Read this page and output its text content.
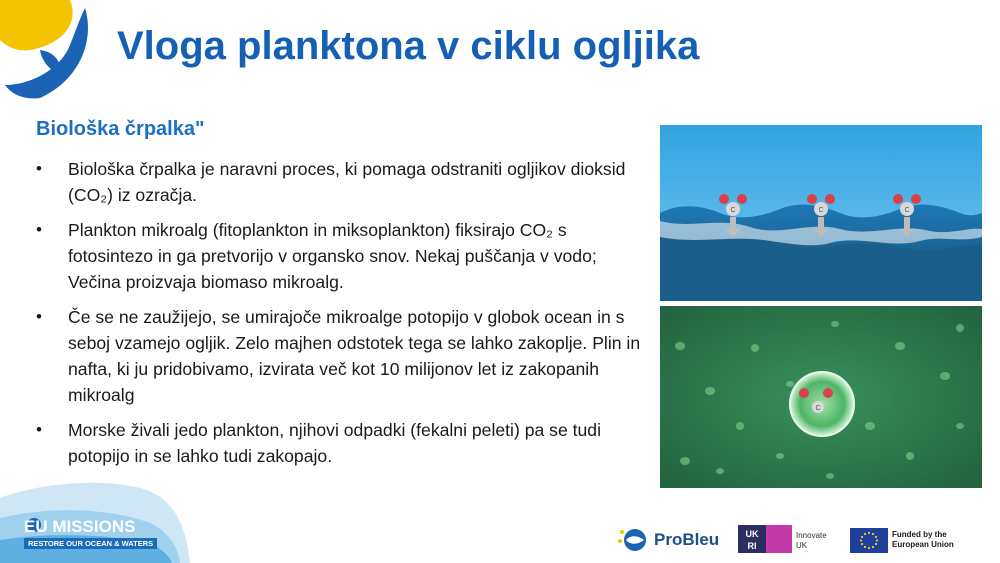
Vloga planktona v ciklu ogljika
Biološka črpalka"
• Biološka črpalka je naravni proces, ki pomaga odstraniti ogljikov dioksid (CO₂) iz ozračja.
• Plankton mikroalg (fitoplankton in miksoplankton) fiksirajo CO₂ s fotosintezo in ga pretvorijo v organsko snov. Nekaj puščanja v vodo; Večina proizvaja biomaso mikroalg.
• Če se ne zaužijejo, se umirajoče mikroalge potopijo v globok ocean in s seboj vzamejo ogljik. Zelo majhen odstotek tega se lahko zakoplje. Plin in nafta, ki ju pridobivamo, izvirata več kot 10 milijonov let iz zakopanih mikroalg
• Morske živali jedo plankton, njihovi odpadki (fekalni peleti) pa se tudi potopijo in se lahko tudi zakopajo.
C	C	C
C
EU MISSIONS
RESTORE OUR OCEAN & WATERS	ProBleu	UK
RI
Innovate UK
Funded by the European Union
